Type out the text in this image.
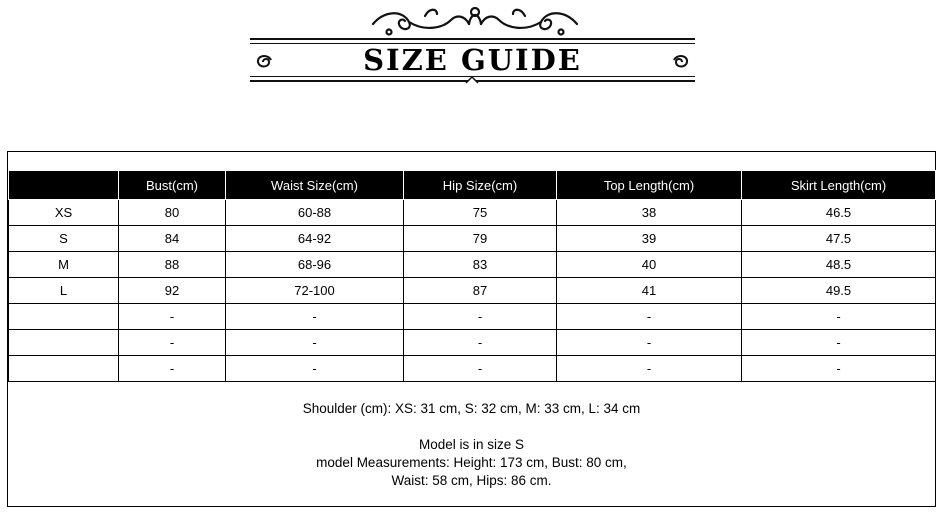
SIZE GUIDE
	Bust(cm)	Waist Size(cm)	Hip Size(cm)	Top Length(cm)	Skirt Length(cm)
XS	80	60-88	75	38	46.5
S	84	64-92	79	39	47.5
M	88	68-96	83	40	48.5
L	92	72-100	87	41	49.5
	-	-	-	-	-
	-	-	-	-	-
	-	-	-	-	-

Shoulder (cm): XS: 31 cm, S: 32 cm, M: 33 cm, L: 34 cm

Model is in size S

model Measurements: Height: 173 cm, Bust: 80 cm,

Waist: 58 cm, Hips: 86 cm.
